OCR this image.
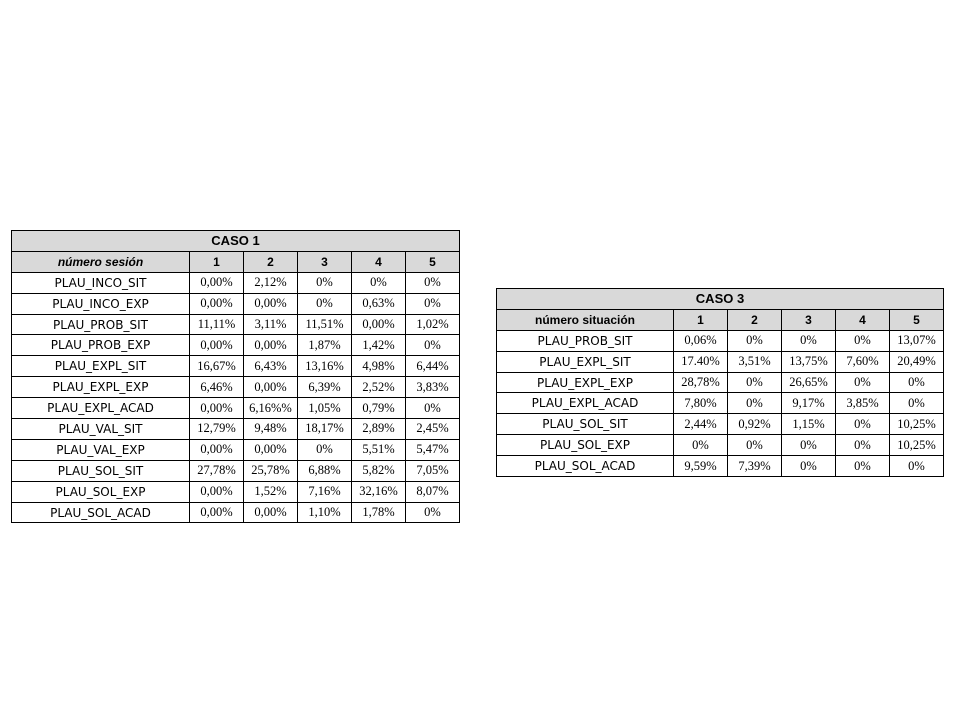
CASO 1					
número sesión	1	2	3	4	5
PLAU_INCO_SIT	0,00%	2,12%	0%	0%	0%
PLAU_INCO_EXP	0,00%	0,00%	0%	0,63%	0%
PLAU_PROB_SIT	11,11%	3,11%	11,51%	0,00%	1,02%
PLAU_PROB_EXP	0,00%	0,00%	1,87%	1,42%	0%
PLAU_EXPL_SIT	16,67%	6,43%	13,16%	4,98%	6,44%
PLAU_EXPL_EXP	6,46%	0,00%	6,39%	2,52%	3,83%
PLAU_EXPL_ACAD	0,00%	6,16%%	1,05%	0,79%	0%
PLAU_VAL_SIT	12,79%	9,48%	18,17%	2,89%	2,45%
PLAU_VAL_EXP	0,00%	0,00%	0%	5,51%	5,47%
PLAU_SOL_SIT	27,78%	25,78%	6,88%	5,82%	7,05%
PLAU_SOL_EXP	0,00%	1,52%	7,16%	32,16%	8,07%
PLAU_SOL_ACAD	0,00%	0,00%	1,10%	1,78%	0%
CASO 3					
número situación	1	2	3	4	5
PLAU_PROB_SIT	0,06%	0%	0%	0%	13,07%
PLAU_EXPL_SIT	17.40%	3,51%	13,75%	7,60%	20,49%
PLAU_EXPL_EXP	28,78%	0%	26,65%	0%	0%
PLAU_EXPL_ACAD	7,80%	0%	9,17%	3,85%	0%
PLAU_SOL_SIT	2,44%	0,92%	1,15%	0%	10,25%
PLAU_SOL_EXP	0%	0%	0%	0%	10,25%
PLAU_SOL_ACAD	9,59%	7,39%	0%	0%	0%
